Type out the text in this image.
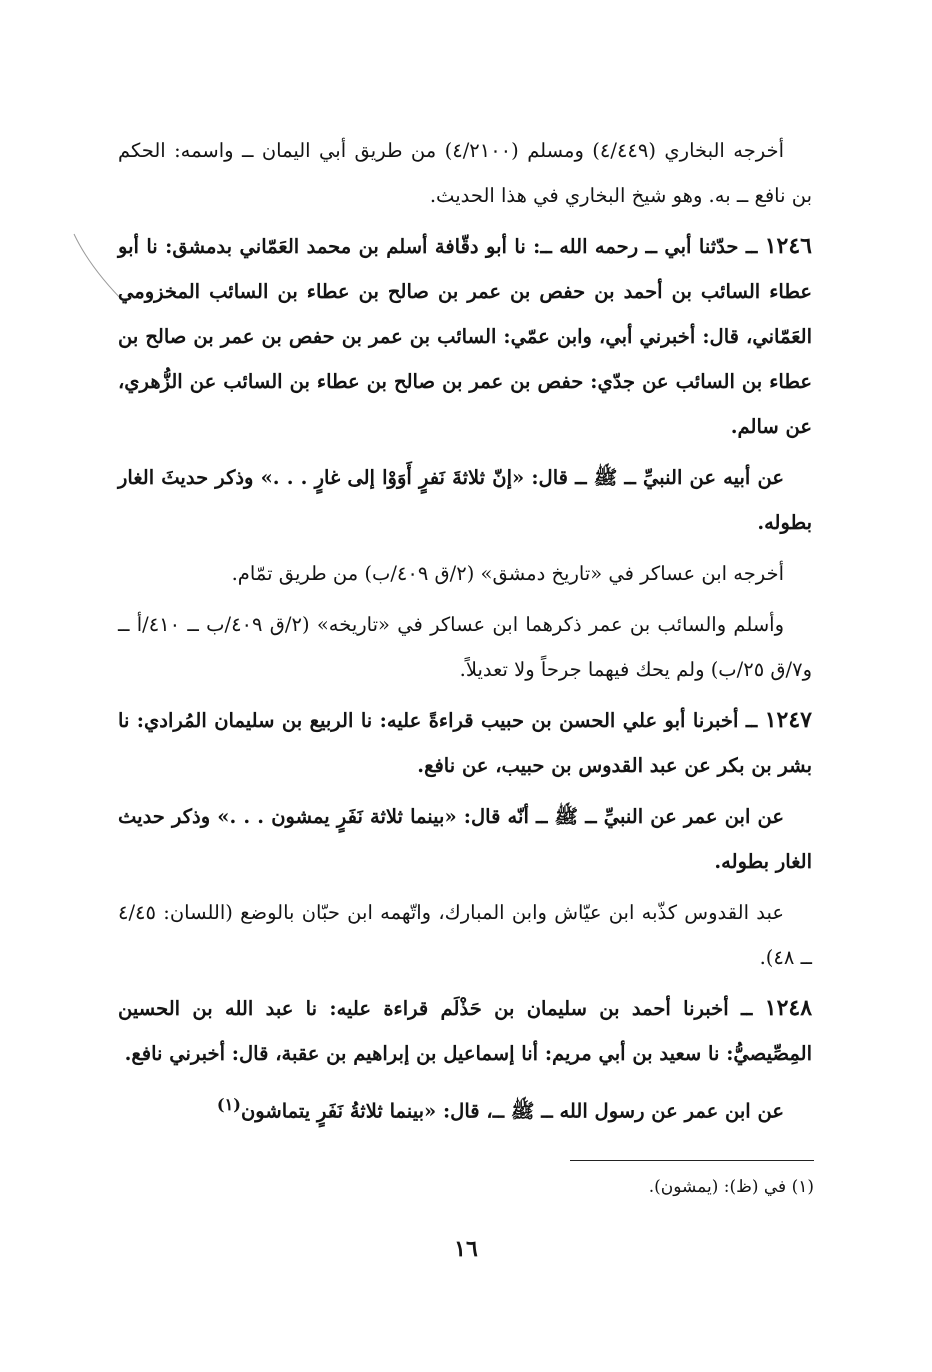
أخرجه البخاري (٤/٤٤٩) ومسلم (٤/٢١٠٠) من طريق أبي اليمان ــ واسمه: الحكم بن نافع ــ به. وهو شيخ البخاري في هذا الحديث.

١٢٤٦ ــ حدّثنا أبي ــ رحمه الله ــ: نا أبو دقّافة أسلم بن محمد العَمّاني بدمشق: نا أبو عطاء السائب بن أحمد بن حفص بن عمر بن صالح بن عطاء بن السائب المخزومي العَمّاني، قال: أخبرني أبي، وابن عمّي: السائب بن عمر بن حفص بن عمر بن صالح بن عطاء بن السائب عن جدّي: حفص بن عمر بن صالح بن عطاء بن السائب عن الزُّهري، عن سالم.

عن أبيه عن النبيِّ ــ ﷺ ــ قال: «إنّ ثلاثةَ نَفرٍ أَوَوْا إلى غارٍ . . .» وذكر حديثَ الغار بطوله.

أخرجه ابن عساكر في «تاريخ دمشق» (٢/ق ٤٠٩/ب) من طريق تمّام.

وأسلم والسائب بن عمر ذكرهما ابن عساكر في «تاريخه» (٢/ق ٤٠٩/ب ــ ٤١٠/أ ــ و٧/ق ٢٥/ب) ولم يحك فيهما جرحاً ولا تعديلاً.

١٢٤٧ ــ أخبرنا أبو علي الحسن بن حبيب قراءةً عليه: نا الربيع بن سليمان المُرادي: نا بشر بن بكر عن عبد القدوس بن حبيب، عن نافع.

عن ابن عمر عن النبيِّ ــ ﷺ ــ أنّه قال: «بينما ثلاثة نَفَرٍ يمشون . . .» وذكر حديث الغار بطوله.

عبد القدوس كذّبه ابن عيّاش وابن المبارك، واتّهمه ابن حبّان بالوضع (اللسان: ٤/٤٥ ــ ٤٨).

١٢٤٨ ــ أخبرنا أحمد بن سليمان بن حَذْلَم قراءة عليه: نا عبد الله بن الحسين المِصِّيصيُّ: نا سعيد بن أبي مريم: أنا إسماعيل بن إبراهيم بن عقبة، قال: أخبرني نافع.

عن ابن عمر عن رسول الله ــ ﷺ ــ، قال: «بينما ثلاثةُ نَفَرٍ يتماشون$^{(١)}$

(١) في (ظ): (يمشون).
١٦
